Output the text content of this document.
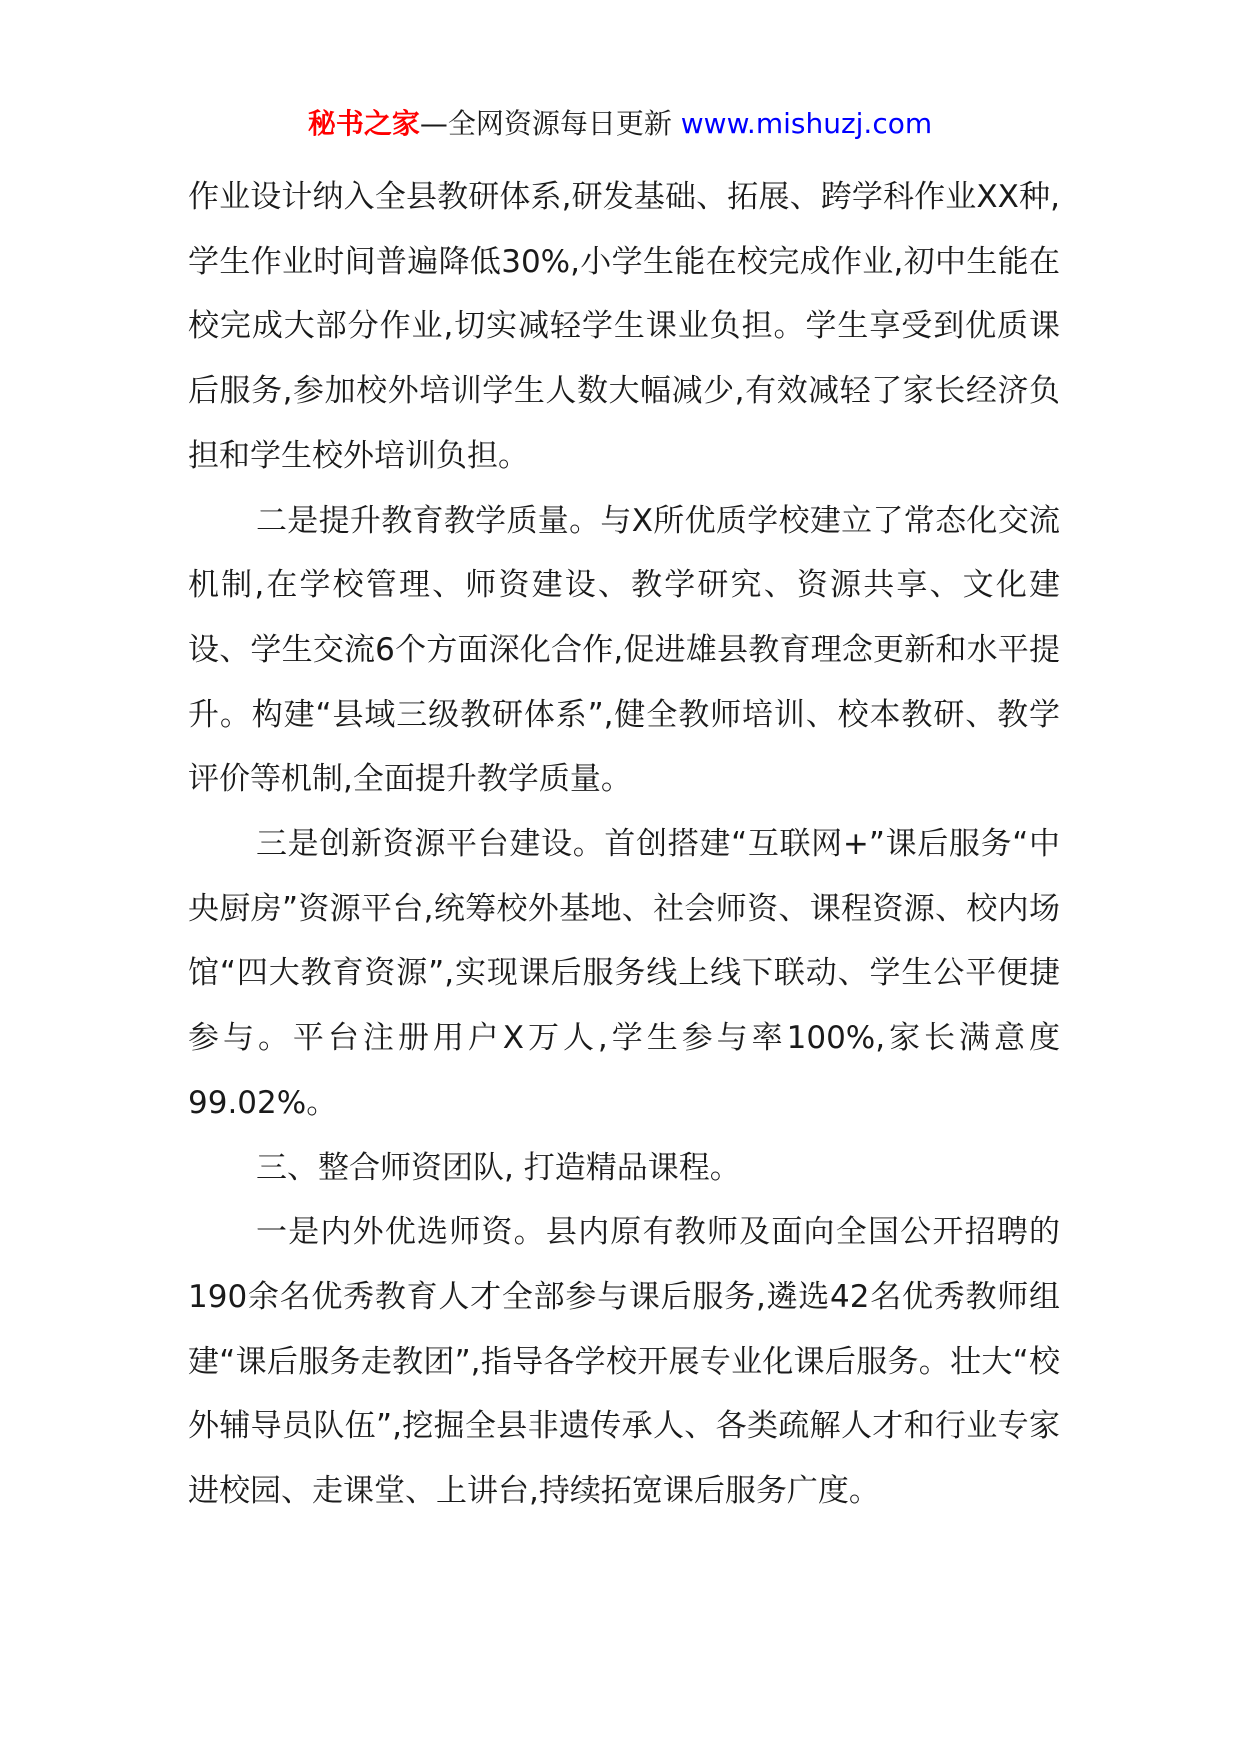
秘书之家—全网资源每日更新 www.mishuzj.com

作业设计纳入全县教研体系,研发基础、拓展、跨学科作业XX种,学生作业时间普遍降低30%,小学生能在校完成作业,初中生能在校完成大部分作业,切实减轻学生课业负担。学生享受到优质课后服务,参加校外培训学生人数大幅减少,有效减轻了家长经济负担和学生校外培训负担。

二是提升教育教学质量。与X所优质学校建立了常态化交流机制,在学校管理、师资建设、教学研究、资源共享、文化建设、学生交流6个方面深化合作,促进雄县教育理念更新和水平提升。构建“县域三级教研体系”,健全教师培训、校本教研、教学评价等机制,全面提升教学质量。

三是创新资源平台建设。首创搭建“互联网+”课后服务“中央厨房”资源平台,统筹校外基地、社会师资、课程资源、校内场馆“四大教育资源”,实现课后服务线上线下联动、学生公平便捷参与。平台注册用户X万人,学生参与率100%,家长满意度99.02%。

三、整合师资团队, 打造精品课程。

一是内外优选师资。县内原有教师及面向全国公开招聘的190余名优秀教育人才全部参与课后服务,遴选42名优秀教师组建“课后服务走教团”,指导各学校开展专业化课后服务。壮大“校外辅导员队伍”,挖掘全县非遗传承人、各类疏解人才和行业专家进校园、走课堂、上讲台,持续拓宽课后服务广度。
